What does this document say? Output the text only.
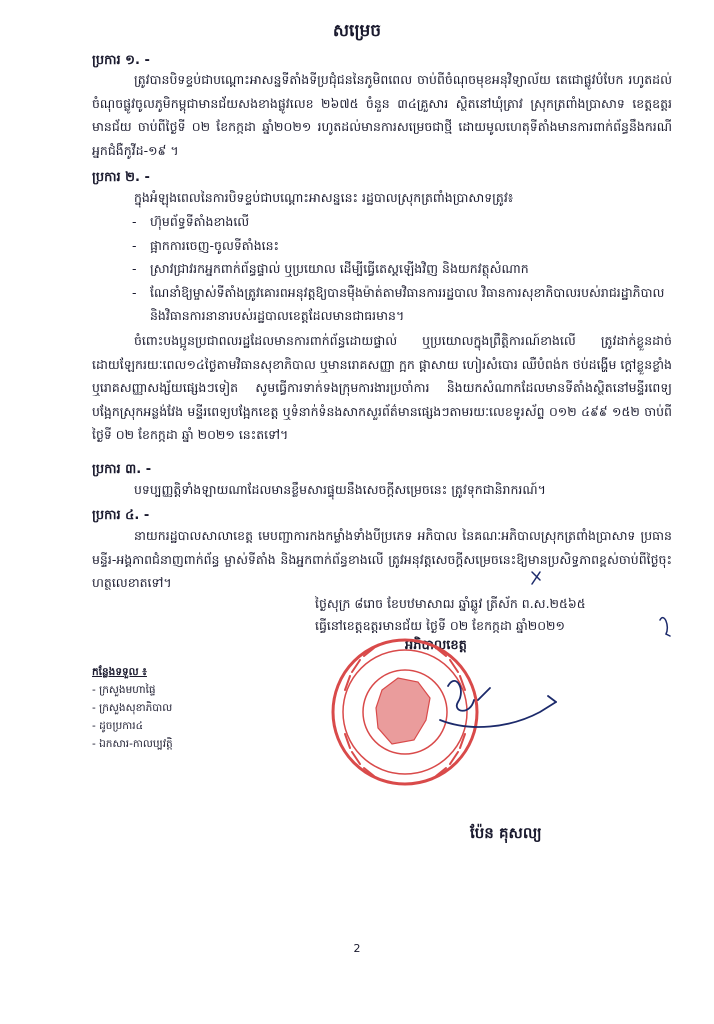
សម្រេច
ប្រការ ១. -
ត្រូវបានបិទខ្ទប់ជាបណ្ដោះអាសន្នទីតាំងទីប្រជុំជននៃភូមិពពេល ចាប់ពីចំណុចមុខអនុវិទ្យាល័យ តេជោផ្លូវបំបែក រហូតដល់ចំណុចផ្លូវចូលភូមិកម្ពុជាមានជ័យសងខាងផ្លូវលេខ ២៦៧៥ ចំនួន ៣៤គ្រួសារ ស្ថិតនៅឃុំត្រាវ ស្រុកត្រពាំងប្រាសាទ ខេត្តឧត្តរមានជ័យ ចាប់ពីថ្ងៃទី ០២ ខែកក្កដា ឆ្នាំ២០២១ រហូតដល់មានការសម្រេចជាថ្មី ដោយមូលហេតុទីតាំងមានការពាក់ព័ន្ធនឹងករណីអ្នកជំងឺកូវីដ-១៩ ។
ប្រការ ២. -
ក្នុងអំឡុងពេលនៃការបិទខ្ទប់ជាបណ្ដោះអាសន្ននេះ រដ្ឋបាលស្រុកត្រពាំងប្រាសាទត្រូវ៖
- ហ៊ុមព័ទ្ធទីតាំងខាងលើ
- ផ្អាកការចេញ-ចូលទីតាំងនេះ
- ស្រាវជ្រាវរកអ្នកពាក់ព័ន្ធផ្ទាល់ ឬប្រយោល ដើម្បីធ្វើតេស្តឡើងវិញ និងយកវត្ថុសំណាក
- ណែនាំឱ្យម្ចាស់ទីតាំងត្រូវគោរពអនុវត្តឱ្យបានម៉ឺងម៉ាត់តាមវិធានការរដ្ឋបាល វិធានការសុខាភិបាលរបស់រាជរដ្ឋាភិបាល និងវិធានការនានារបស់រដ្ឋបាលខេត្តដែលមានជាធរមាន។
ចំពោះបងប្អូនប្រជាពលរដ្ឋដែលមានការពាក់ព័ន្ធដោយផ្ទាល់ ឬប្រយោលក្នុងព្រឹត្តិការណ៍ខាងលើ ត្រូវដាក់ខ្លួនដាច់ដោយឡែករយៈពេល១៤ថ្ងៃតាមវិធានសុខាភិបាល ឬមានរោគសញ្ញា ក្អក ផ្ដាសាយ ហៀរសំបោរ ឈឺបំពង់ក ថប់ដង្ហើម ក្ដៅខ្លួនខ្លាំង ឬរោគសញ្ញាសង្ស័យផ្សេងៗទៀត សូមធ្វើការទាក់ទងក្រុមការងារប្រចាំការ និងយកសំណាកដែលមានទីតាំងស្ថិតនៅមន្ទីរពេទ្យបង្អែកស្រុកអន្លង់វែង មន្ទីរពេទ្យបង្អែកខេត្ត ឬទំនាក់ទំនងសាកសួរព័ត៌មានផ្សេងៗតាមរយៈលេខទូរស័ព្ទ ០១២ ៤៩៩ ១៥២ ចាប់ពីថ្ងៃទី ០២ ខែកក្កដា ឆ្នាំ ២០២១ នេះតទៅ។
ប្រការ ៣. -
បទប្បញ្ញត្តិទាំងឡាយណាដែលមានខ្លឹមសារផ្ទុយនឹងសេចក្ដីសម្រេចនេះ ត្រូវទុកជានិរាករណ៍។
ប្រការ ៤. -
នាយករដ្ឋបាលសាលាខេត្ត មេបញ្ជាការកងកម្លាំងទាំងបីប្រភេទ អភិបាល នៃគណៈអភិបាលស្រុកត្រពាំងប្រាសាទ ប្រធានមន្ទីរ-អង្គភាពជំនាញពាក់ព័ន្ធ ម្ចាស់ទីតាំង និងអ្នកពាក់ព័ន្ធខាងលើ ត្រូវអនុវត្តសេចក្ដីសម្រេចនេះឱ្យមានប្រសិទ្ធភាពខ្ពស់ចាប់ពីថ្ងៃចុះហត្ថលេខាតទៅ។
ថ្ងៃសុក្រ ៨រោច ខែបឋមាសាឍ ឆ្នាំឆ្លូវ ត្រីស័ក ព.ស.២៥៦៥
ធ្វើនៅខេត្តឧត្តរមានជ័យ ថ្ងៃទី ០២ ខែកក្កដា ឆ្នាំ២០២១
អភិបាលខេត្ត
កន្លែងទទួល ៖
- ក្រសួងមហាផ្ទៃ
- ក្រសួងសុខាភិបាល
- ដូចប្រការ៤
- ឯកសារ-កាលប្បវត្តិ
ប៉ែន គុសល្យ
2
